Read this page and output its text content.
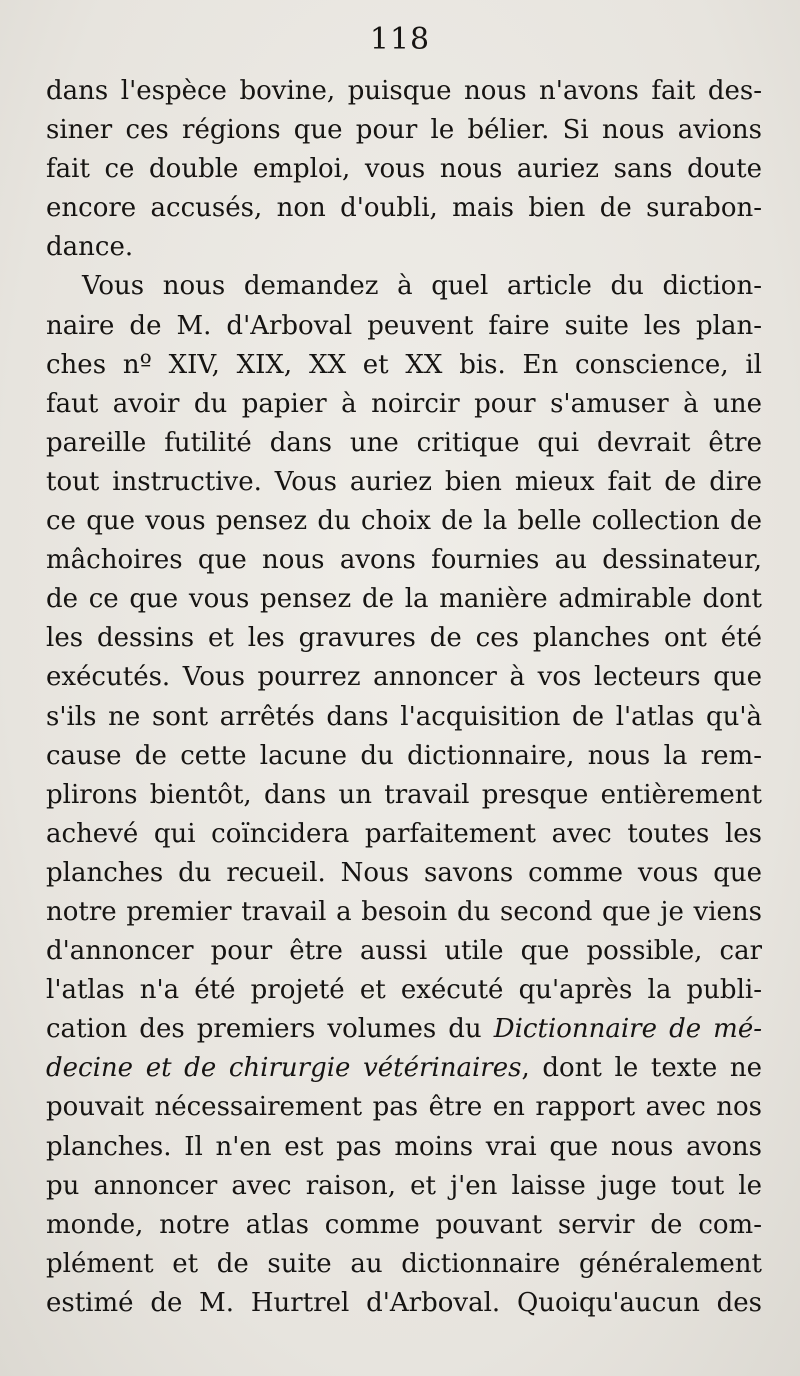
118
dans l'espèce bovine, puisque nous n'avons fait des-
siner ces régions que pour le bélier. Si nous avions
fait ce double emploi, vous nous auriez sans doute
encore accusés, non d'oubli, mais bien de surabon-
dance.
Vous nous demandez à quel article du diction-
naire de M. d'Arboval peuvent faire suite les plan-
ches nº XIV, XIX, XX et XX bis. En conscience, il
faut avoir du papier à noircir pour s'amuser à une
pareille futilité dans une critique qui devrait être
tout instructive. Vous auriez bien mieux fait de dire
ce que vous pensez du choix de la belle collection de
mâchoires que nous avons fournies au dessinateur,
de ce que vous pensez de la manière admirable dont
les dessins et les gravures de ces planches ont été
exécutés. Vous pourrez annoncer à vos lecteurs que
s'ils ne sont arrêtés dans l'acquisition de l'atlas qu'à
cause de cette lacune du dictionnaire, nous la rem-
plirons bientôt, dans un travail presque entièrement
achevé qui coïncidera parfaitement avec toutes les
planches du recueil. Nous savons comme vous que
notre premier travail a besoin du second que je viens
d'annoncer pour être aussi utile que possible, car
l'atlas n'a été projeté et exécuté qu'après la publi-
cation des premiers volumes du Dictionnaire de mé-
decine et de chirurgie vétérinaires, dont le texte ne
pouvait nécessairement pas être en rapport avec nos
planches. Il n'en est pas moins vrai que nous avons
pu annoncer avec raison, et j'en laisse juge tout le
monde, notre atlas comme pouvant servir de com-
plément et de suite au dictionnaire généralement
estimé de M. Hurtrel d'Arboval. Quoiqu'aucun des
